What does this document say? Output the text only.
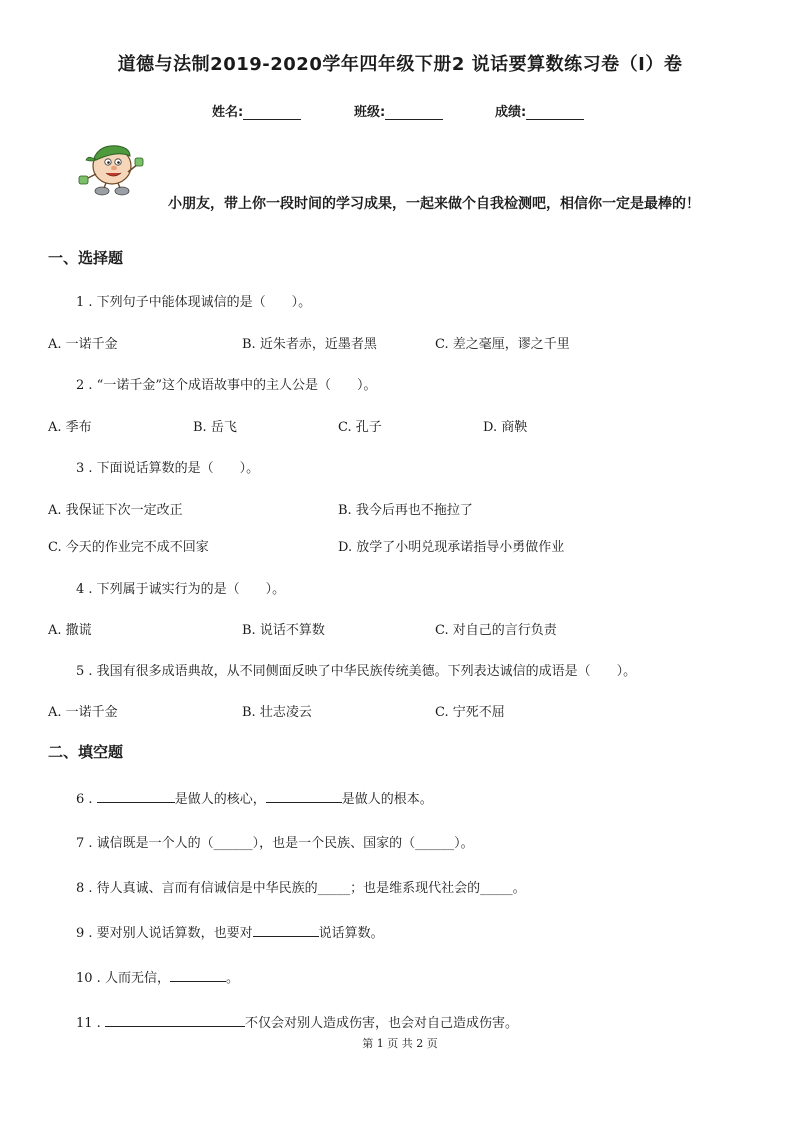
道德与法制2019-2020学年四年级下册2 说话要算数练习卷（I）卷
姓名:	班级:	成绩:
小朋友，带上你一段时间的学习成果，一起来做个自我检测吧，相信你一定是最棒的！
一、选择题
1 . 下列句子中能体现诚信的是（　　）。
A. 一诺千金	B. 近朱者赤，近墨者黑	C. 差之毫厘，谬之千里
2 . “一诺千金”这个成语故事中的主人公是（　　）。
A. 季布	B. 岳飞	C. 孔子	D. 商鞅
3 . 下面说话算数的是（　　）。
A. 我保证下次一定改正	B. 我今后再也不拖拉了
C. 今天的作业完不成不回家	D. 放学了小明兑现承诺指导小勇做作业
4 . 下列属于诚实行为的是（　　）。
A. 撒谎	B. 说话不算数	C. 对自己的言行负责
5 . 我国有很多成语典故，从不同侧面反映了中华民族传统美德。下列表达诚信的成语是（　　）。
A. 一诺千金	B. 壮志凌云	C. 宁死不屈
二、填空题
6 .	是做人的核心，	是做人的根本。
7 . 诚信既是一个人的（______），也是一个民族、国家的（______）。
8 . 待人真诚、言而有信诚信是中华民族的_____；也是维系现代社会的_____。
9 . 要对别人说话算数，也要对	说话算数。
10 . 人而无信，	。
11 .	不仅会对别人造成伤害，也会对自己造成伤害。
第 1 页 共 2 页
